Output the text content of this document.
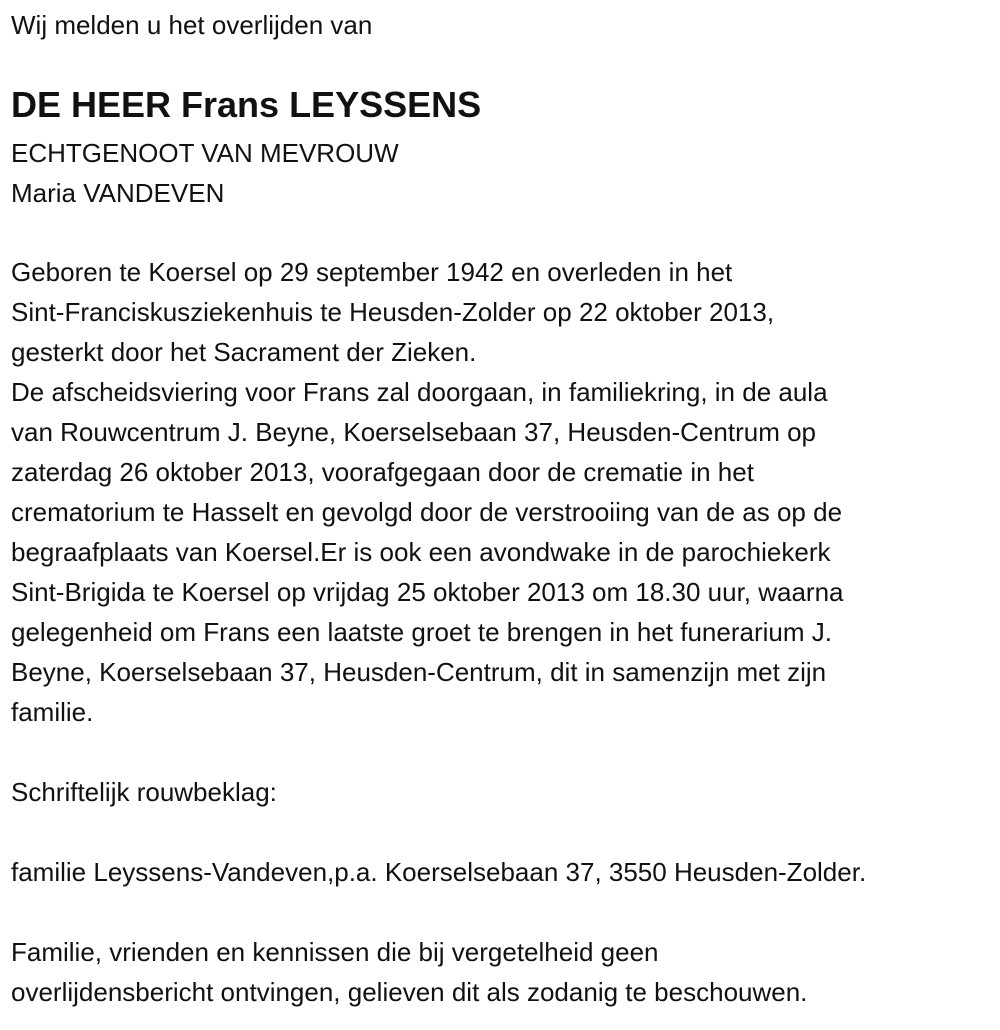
Wij melden u het overlijden van
DE HEER Frans LEYSSENS
ECHTGENOOT VAN MEVROUW
Maria VANDEVEN
Geboren te Koersel op 29 september 1942 en overleden in het
Sint-Franciskusziekenhuis te Heusden-Zolder op 22 oktober 2013,
gesterkt door het Sacrament der Zieken.
De afscheidsviering voor Frans zal doorgaan, in familiekring, in de aula
van Rouwcentrum J. Beyne, Koerselsebaan 37, Heusden-Centrum op
zaterdag 26 oktober 2013, voorafgegaan door de crematie in het
crematorium te Hasselt en gevolgd door de verstrooiing van de as op de
begraafplaats van Koersel.Er is ook een avondwake in de parochiekerk
Sint-Brigida te Koersel op vrijdag 25 oktober 2013 om 18.30 uur, waarna
gelegenheid om Frans een laatste groet te brengen in het funerarium J.
Beyne, Koerselsebaan 37, Heusden-Centrum, dit in samenzijn met zijn
familie.
Schriftelijk rouwbeklag:
familie Leyssens-Vandeven,p.a. Koerselsebaan 37, 3550 Heusden-Zolder.
Familie, vrienden en kennissen die bij vergetelheid geen
overlijdensbericht ontvingen, gelieven dit als zodanig te beschouwen.
